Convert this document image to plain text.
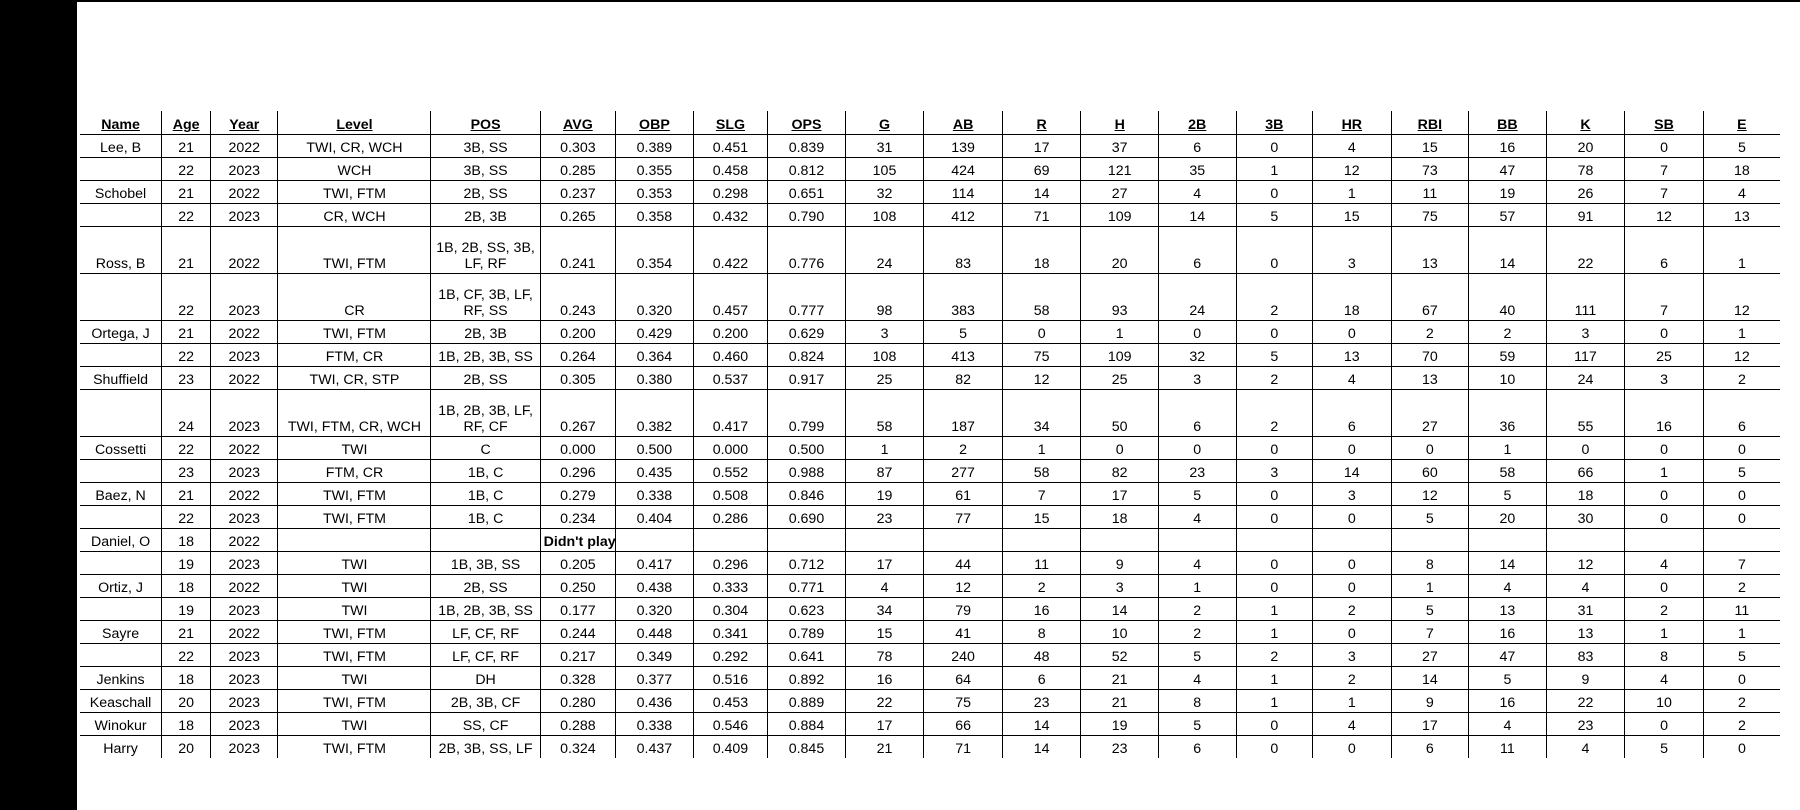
Name	Age	Year	Level	POS	AVG	OBP	SLG	OPS	G	AB	R	H	2B	3B	HR	RBI	BB	K	SB	E
Lee, B	21	2022	TWI, CR, WCH	3B, SS	0.303	0.389	0.451	0.839	31	139	17	37	6	0	4	15	16	20	0	5
	22	2023	WCH	3B, SS	0.285	0.355	0.458	0.812	105	424	69	121	35	1	12	73	47	78	7	18
Schobel	21	2022	TWI, FTM	2B, SS	0.237	0.353	0.298	0.651	32	114	14	27	4	0	1	11	19	26	7	4
	22	2023	CR, WCH	2B, 3B	0.265	0.358	0.432	0.790	108	412	71	109	14	5	15	75	57	91	12	13
Ross, B	21	2022	TWI, FTM	1B, 2B, SS, 3B, LF, RF	0.241	0.354	0.422	0.776	24	83	18	20	6	0	3	13	14	22	6	1
	22	2023	CR	1B, CF, 3B, LF, RF, SS	0.243	0.320	0.457	0.777	98	383	58	93	24	2	18	67	40	111	7	12
Ortega, J	21	2022	TWI, FTM	2B, 3B	0.200	0.429	0.200	0.629	3	5	0	1	0	0	0	2	2	3	0	1
	22	2023	FTM, CR	1B, 2B, 3B, SS	0.264	0.364	0.460	0.824	108	413	75	109	32	5	13	70	59	117	25	12
Shuffield	23	2022	TWI, CR, STP	2B, SS	0.305	0.380	0.537	0.917	25	82	12	25	3	2	4	13	10	24	3	2
	24	2023	TWI, FTM, CR, WCH	1B, 2B, 3B, LF, RF, CF	0.267	0.382	0.417	0.799	58	187	34	50	6	2	6	27	36	55	16	6
Cossetti	22	2022	TWI	C	0.000	0.500	0.000	0.500	1	2	1	0	0	0	0	0	1	0	0	0
	23	2023	FTM, CR	1B, C	0.296	0.435	0.552	0.988	87	277	58	82	23	3	14	60	58	66	1	5
Baez, N	21	2022	TWI, FTM	1B, C	0.279	0.338	0.508	0.846	19	61	7	17	5	0	3	12	5	18	0	0
	22	2023	TWI, FTM	1B, C	0.234	0.404	0.286	0.690	23	77	15	18	4	0	0	5	20	30	0	0
Daniel, O	18	2022			Didn't play															
	19	2023	TWI	1B, 3B, SS	0.205	0.417	0.296	0.712	17	44	11	9	4	0	0	8	14	12	4	7
Ortiz, J	18	2022	TWI	2B, SS	0.250	0.438	0.333	0.771	4	12	2	3	1	0	0	1	4	4	0	2
	19	2023	TWI	1B, 2B, 3B, SS	0.177	0.320	0.304	0.623	34	79	16	14	2	1	2	5	13	31	2	11
Sayre	21	2022	TWI, FTM	LF, CF, RF	0.244	0.448	0.341	0.789	15	41	8	10	2	1	0	7	16	13	1	1
	22	2023	TWI, FTM	LF, CF, RF	0.217	0.349	0.292	0.641	78	240	48	52	5	2	3	27	47	83	8	5
Jenkins	18	2023	TWI	DH	0.328	0.377	0.516	0.892	16	64	6	21	4	1	2	14	5	9	4	0
Keaschall	20	2023	TWI, FTM	2B, 3B, CF	0.280	0.436	0.453	0.889	22	75	23	21	8	1	1	9	16	22	10	2
Winokur	18	2023	TWI	SS, CF	0.288	0.338	0.546	0.884	17	66	14	19	5	0	4	17	4	23	0	2
Harry	20	2023	TWI, FTM	2B, 3B, SS, LF	0.324	0.437	0.409	0.845	21	71	14	23	6	0	0	6	11	4	5	0
